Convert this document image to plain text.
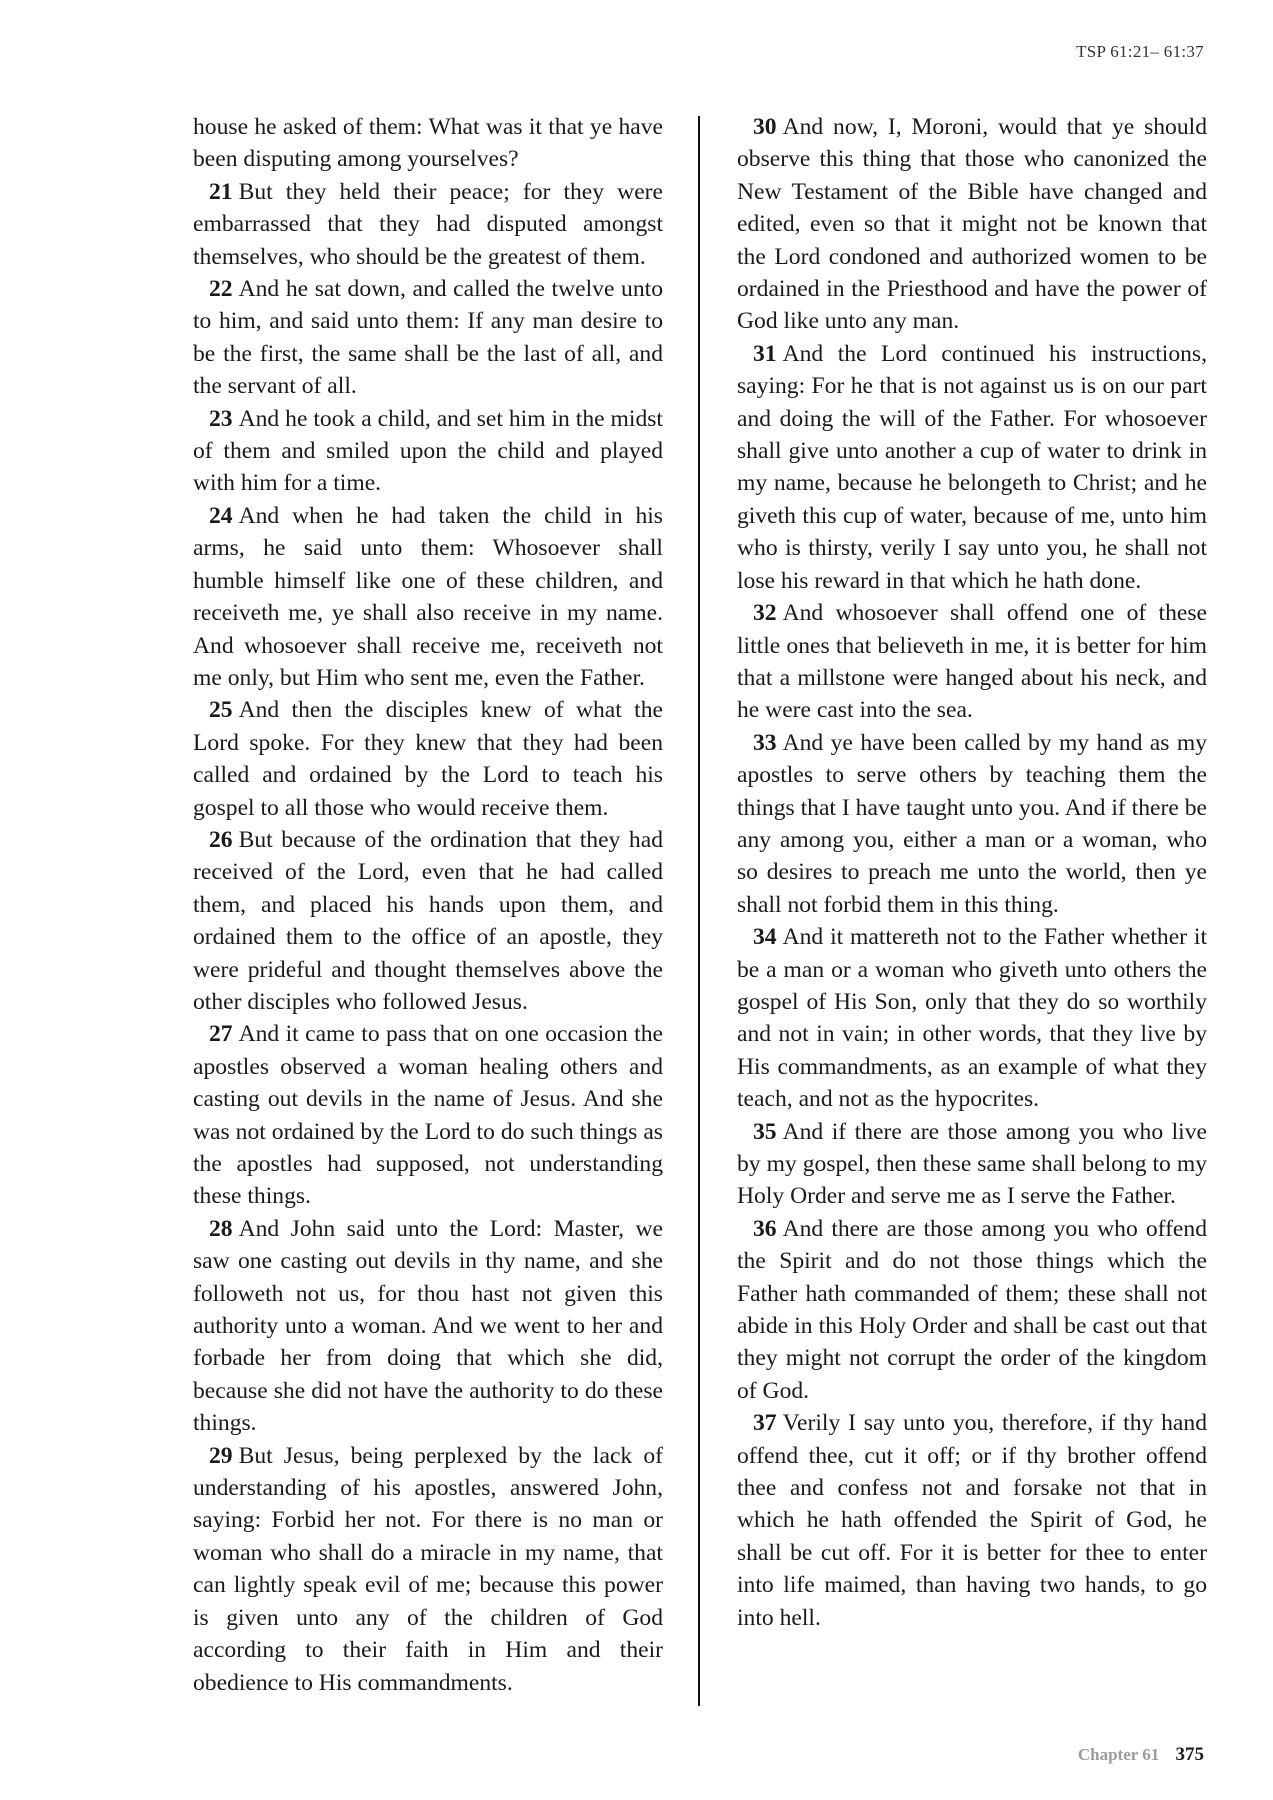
TSP 61:21– 61:37

house he asked of them: What was it that ye have been disputing among yourselves?

21 But they held their peace; for they were embarrassed that they had disputed amongst themselves, who should be the greatest of them.

22 And he sat down, and called the twelve unto to him, and said unto them: If any man desire to be the first, the same shall be the last of all, and the servant of all.

23 And he took a child, and set him in the midst of them and smiled upon the child and played with him for a time.

24 And when he had taken the child in his arms, he said unto them: Whosoever shall humble himself like one of these children, and receiveth me, ye shall also receive in my name. And whosoever shall receive me, receiveth not me only, but Him who sent me, even the Father.

25 And then the disciples knew of what the Lord spoke. For they knew that they had been called and ordained by the Lord to teach his gospel to all those who would receive them.

26 But because of the ordination that they had received of the Lord, even that he had called them, and placed his hands upon them, and ordained them to the office of an apostle, they were prideful and thought themselves above the other disciples who followed Jesus.

27 And it came to pass that on one occasion the apostles observed a woman healing others and casting out devils in the name of Jesus. And she was not ordained by the Lord to do such things as the apostles had supposed, not understanding these things.

28 And John said unto the Lord: Master, we saw one casting out devils in thy name, and she followeth not us, for thou hast not given this authority unto a woman. And we went to her and forbade her from doing that which she did, because she did not have the authority to do these things.

29 But Jesus, being perplexed by the lack of understanding of his apostles, answered John, saying: Forbid her not. For there is no man or woman who shall do a miracle in my name, that can lightly speak evil of me; because this power is given unto any of the children of God according to their faith in Him and their obedience to His commandments.

30 And now, I, Moroni, would that ye should observe this thing that those who canonized the New Testament of the Bible have changed and edited, even so that it might not be known that the Lord condoned and authorized women to be ordained in the Priesthood and have the power of God like unto any man.

31 And the Lord continued his instructions, saying: For he that is not against us is on our part and doing the will of the Father. For whosoever shall give unto another a cup of water to drink in my name, because he belongeth to Christ; and he giveth this cup of water, because of me, unto him who is thirsty, verily I say unto you, he shall not lose his reward in that which he hath done.

32 And whosoever shall offend one of these little ones that believeth in me, it is better for him that a millstone were hanged about his neck, and he were cast into the sea.

33 And ye have been called by my hand as my apostles to serve others by teaching them the things that I have taught unto you. And if there be any among you, either a man or a woman, who so desires to preach me unto the world, then ye shall not forbid them in this thing.

34 And it mattereth not to the Father whether it be a man or a woman who giveth unto others the gospel of His Son, only that they do so worthily and not in vain; in other words, that they live by His commandments, as an example of what they teach, and not as the hypocrites.

35 And if there are those among you who live by my gospel, then these same shall belong to my Holy Order and serve me as I serve the Father.

36 And there are those among you who offend the Spirit and do not those things which the Father hath commanded of them; these shall not abide in this Holy Order and shall be cast out that they might not corrupt the order of the kingdom of God.

37 Verily I say unto you, therefore, if thy hand offend thee, cut it off; or if thy brother offend thee and confess not and forsake not that in which he hath offended the Spirit of God, he shall be cut off. For it is better for thee to enter into life maimed, than having two hands, to go into hell.

Chapter 61 375
